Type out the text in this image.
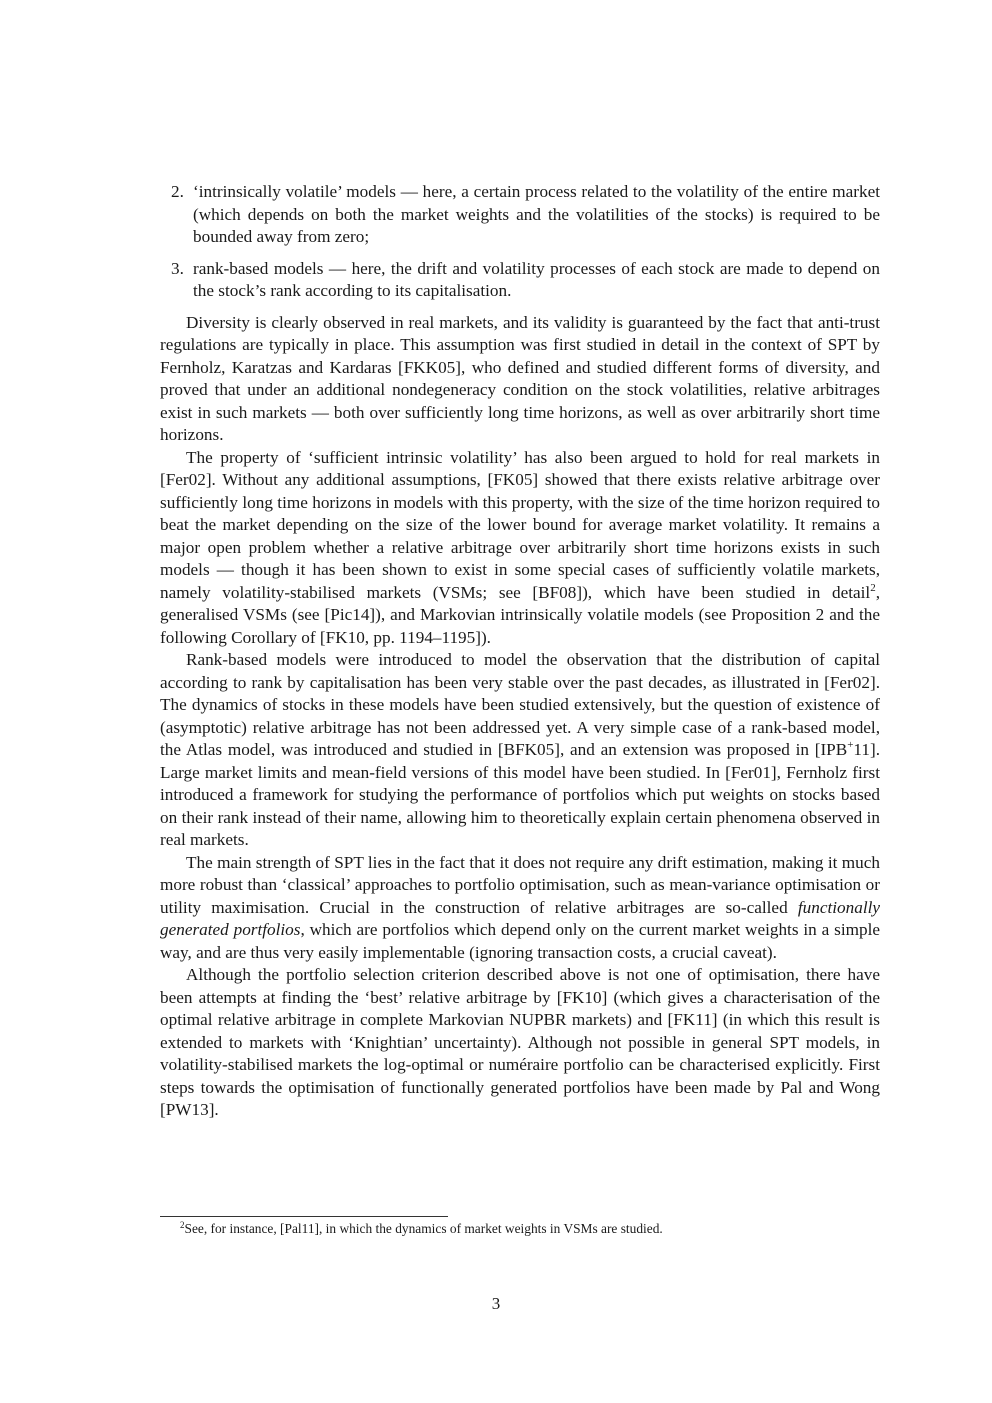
2. ‘intrinsically volatile’ models — here, a certain process related to the volatility of the entire market (which depends on both the market weights and the volatilities of the stocks) is required to be bounded away from zero;
3. rank-based models — here, the drift and volatility processes of each stock are made to depend on the stock’s rank according to its capitalisation.

Diversity is clearly observed in real markets, and its validity is guaranteed by the fact that anti-trust regulations are typically in place. This assumption was first studied in detail in the context of SPT by Fernholz, Karatzas and Kardaras [FKK05], who defined and studied different forms of diversity, and proved that under an additional nondegeneracy condition on the stock volatilities, relative arbitrages exist in such markets — both over sufficiently long time horizons, as well as over arbitrarily short time horizons.

The property of ‘sufficient intrinsic volatility’ has also been argued to hold for real markets in [Fer02]. Without any additional assumptions, [FK05] showed that there exists relative arbitrage over sufficiently long time horizons in models with this property, with the size of the time horizon required to beat the market depending on the size of the lower bound for average market volatility. It remains a major open problem whether a relative arbitrage over arbitrarily short time horizons exists in such models — though it has been shown to exist in some special cases of sufficiently volatile markets, namely volatility-stabilised markets (VSMs; see [BF08]), which have been studied in detail$^2$, generalised VSMs (see [Pic14]), and Markovian intrinsically volatile models (see Proposition 2 and the following Corollary of [FK10, pp. 1194–1195]).

Rank-based models were introduced to model the observation that the distribution of capital according to rank by capitalisation has been very stable over the past decades, as illustrated in [Fer02]. The dynamics of stocks in these models have been studied extensively, but the question of existence of (asymptotic) relative arbitrage has not been addressed yet. A very simple case of a rank-based model, the Atlas model, was introduced and studied in [BFK05], and an extension was proposed in [IPB+11]. Large market limits and mean-field versions of this model have been studied. In [Fer01], Fernholz first introduced a framework for studying the performance of portfolios which put weights on stocks based on their rank instead of their name, allowing him to theoretically explain certain phenomena observed in real markets.

The main strength of SPT lies in the fact that it does not require any drift estimation, making it much more robust than ‘classical’ approaches to portfolio optimisation, such as mean-variance optimisation or utility maximisation. Crucial in the construction of relative arbitrages are so-called functionally generated portfolios, which are portfolios which depend only on the current market weights in a simple way, and are thus very easily implementable (ignoring transaction costs, a crucial caveat).

Although the portfolio selection criterion described above is not one of optimisation, there have been attempts at finding the ‘best’ relative arbitrage by [FK10] (which gives a characterisation of the optimal relative arbitrage in complete Markovian NUPBR markets) and [FK11] (in which this result is extended to markets with ‘Knightian’ uncertainty). Although not possible in general SPT models, in volatility-stabilised markets the log-optimal or numéraire portfolio can be characterised explicitly. First steps towards the optimisation of functionally generated portfolios have been made by Pal and Wong [PW13].

$^2$See, for instance, [Pal11], in which the dynamics of market weights in VSMs are studied.
3
